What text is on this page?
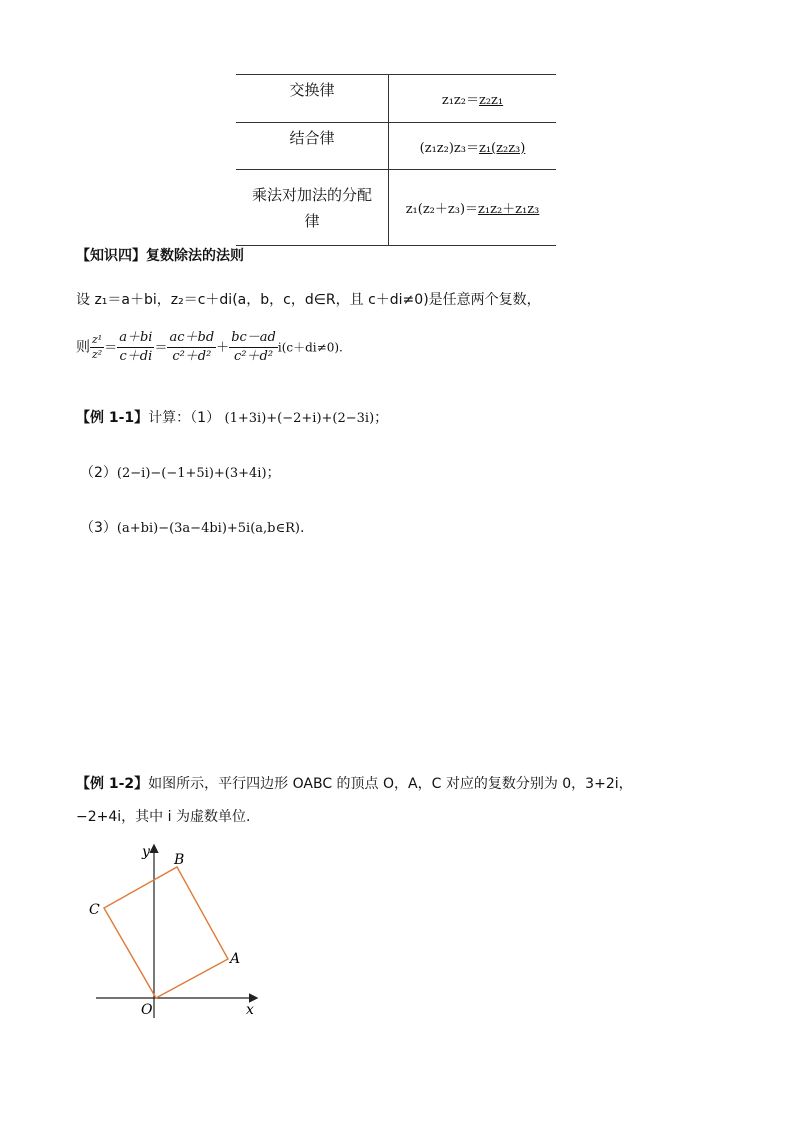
交换律	z₁z₂＝z₂z₁
结合律	(z₁z₂)z₃＝z₁(z₂z₃)
乘法对加法的分配
律	z₁(z₂＋z₃)＝z₁z₂＋z₁z₃
【知识四】复数除法的法则
设 z₁＝a＋bi，z₂＝c＋di(a，b，c，d∈R，且 c＋di≠0)是任意两个复数，
则 $\frac{\text{z¹}}{\text{z²}} = \frac{a+bi}{c+di} = \frac{ac+bd}{\text{c²＋d²}} + \frac{bc-ad}{\text{c²＋d²}} i(c+di\ne 0)$.
【例 1-1】计算：（1） (1+3i)+(−2+i)+(2−3i)；
（2）(2−i)−(−1+5i)+(3+4i)；
（3）(a+bi)−(3a−4bi)+5i(a,b∈R).
【例 1-2】如图所示，平行四边形 OABC 的顶点 O，A，C 对应的复数分别为 0，3+2i，
−2+4i，其中 i 为虚数单位.
y
x
O
A
B
C
